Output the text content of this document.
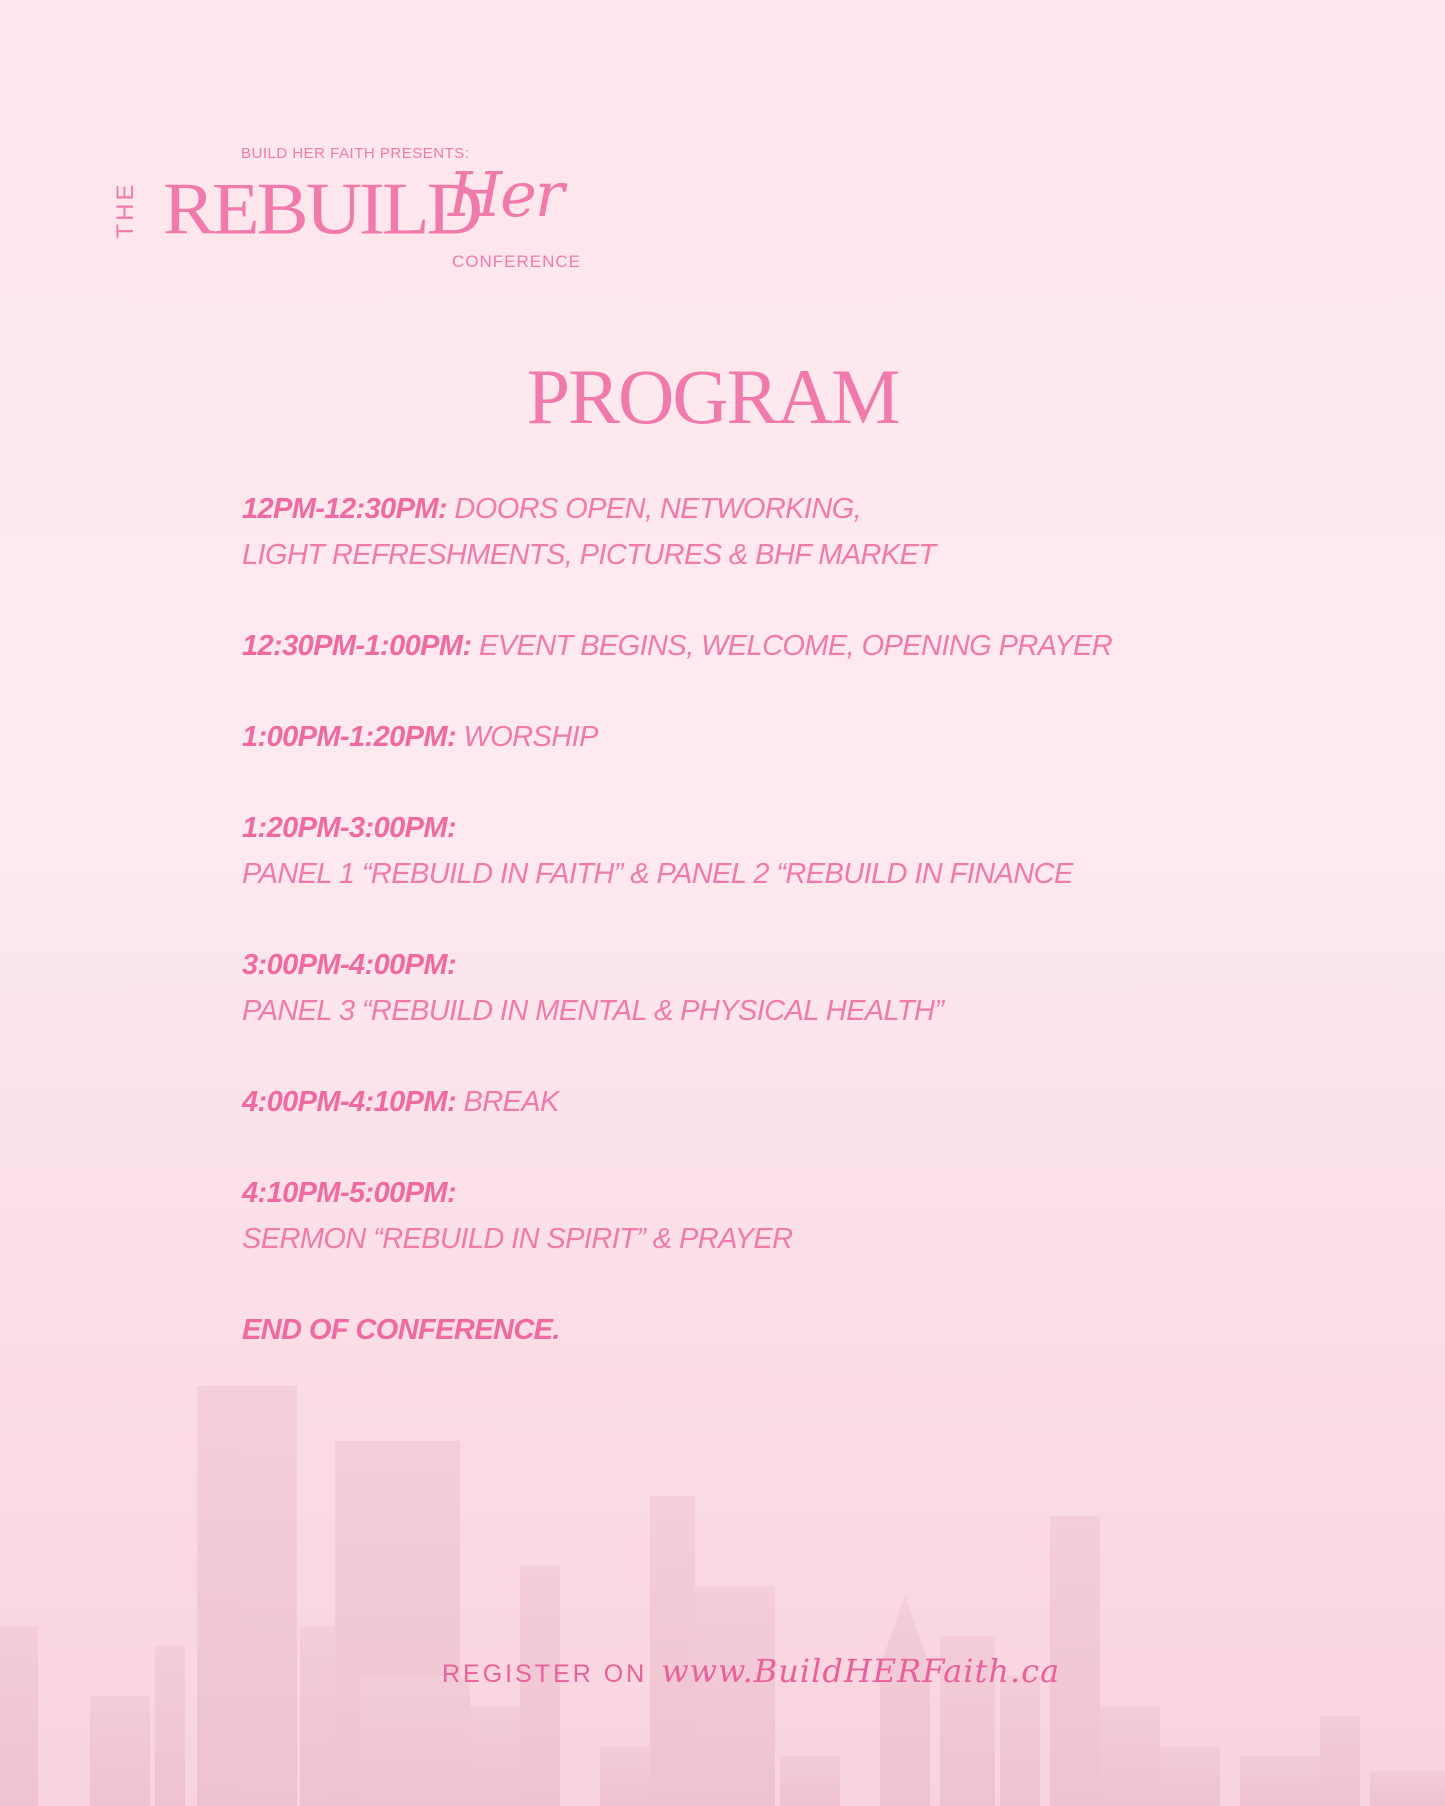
BUILD HER FAITH PRESENTS:
THE REBUILD
Her
CONFERENCE
PROGRAM
12PM-12:30PM: DOORS OPEN, NETWORKING,
LIGHT REFRESHMENTS, PICTURES & BHF MARKET
12:30PM-1:00PM: EVENT BEGINS, WELCOME, OPENING PRAYER
1:00PM-1:20PM: WORSHIP
1:20PM-3:00PM:
PANEL 1 “REBUILD IN FAITH” & PANEL 2 “REBUILD IN FINANCE
3:00PM-4:00PM:
PANEL 3 “REBUILD IN MENTAL & PHYSICAL HEALTH”
4:00PM-4:10PM: BREAK
4:10PM-5:00PM:
SERMON “REBUILD IN SPIRIT” & PRAYER
END OF CONFERENCE.
REGISTER ON www.BuildHERFaith.ca
